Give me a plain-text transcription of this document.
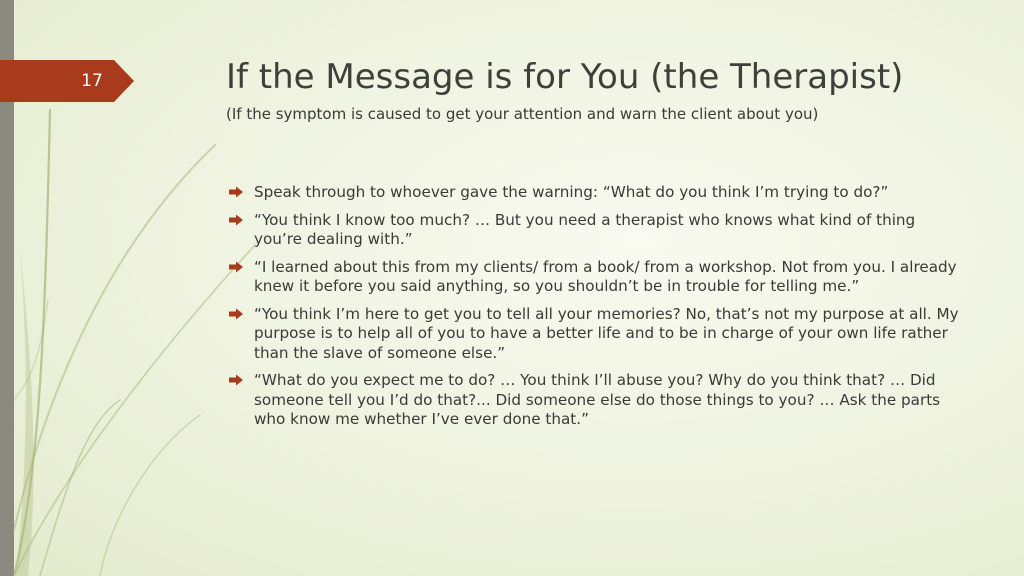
17	If the Message is for You (the Therapist)

(If the symptom is caused to get your attention and warn the client about you)

Speak through to whoever gave the warning: “What do you think I’m trying to do?”
“You think I know too much? … But you need a therapist who knows what kind of thing you’re dealing with.”
“I learned about this from my clients/ from a book/ from a workshop. Not from you. I already knew it before you said anything, so you shouldn’t be in trouble for telling me.”
“You think I’m here to get you to tell all your memories? No, that’s not my purpose at all. My purpose is to help all of you to have a better life and to be in charge of your own life rather than the slave of someone else.”
“What do you expect me to do? … You think I’ll abuse you? Why do you think that? … Did someone tell you I’d do that?... Did someone else do those things to you? … Ask the parts who know me whether I’ve ever done that.”
